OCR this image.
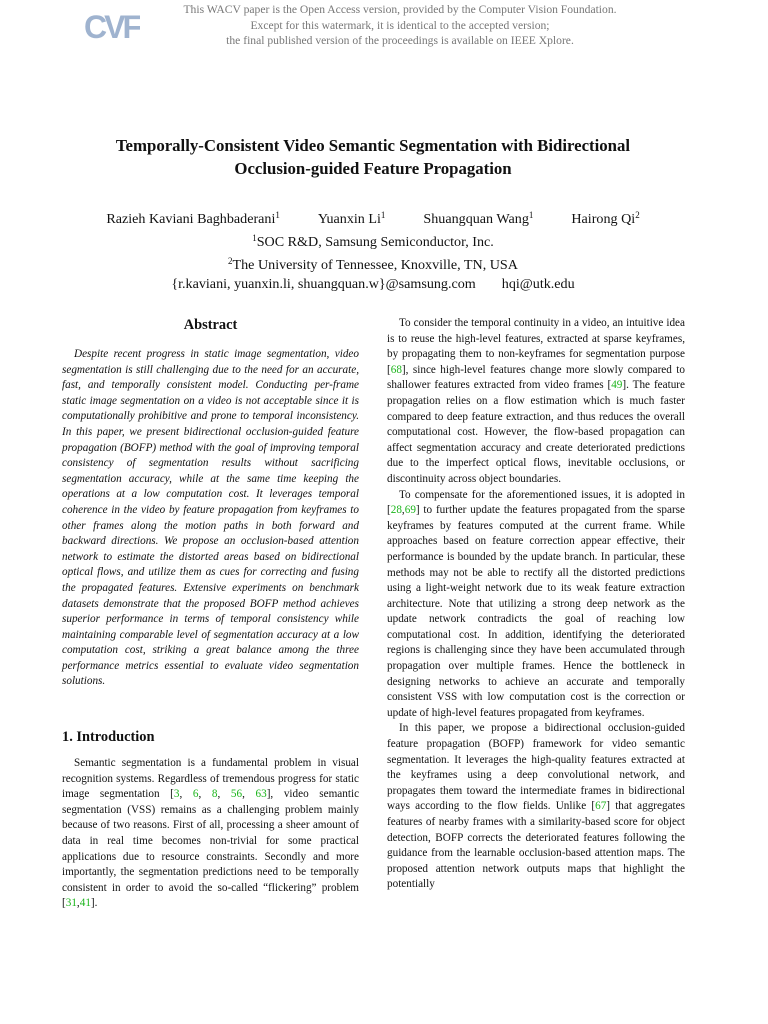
CVF	This WACV paper is the Open Access version, provided by the Computer Vision Foundation.
Except for this watermark, it is identical to the accepted version;
the final published version of the proceedings is available on IEEE Xplore.
Temporally-Consistent Video Semantic Segmentation with Bidirectional
Occlusion-guided Feature Propagation
Razieh Kaviani Baghbaderani$^1$	Yuanxin Li$^1$	Shuangquan Wang$^1$	Hairong Qi$^2$
$^1$SOC R&D, Samsung Semiconductor, Inc.
$^2$The University of Tennessee, Knoxville, TN, USA
{r.kaviani, yuanxin.li, shuangquan.w}@samsung.com hqi@utk.edu
Abstract

Despite recent progress in static image segmentation, video segmentation is still challenging due to the need for an accurate, fast, and temporally consistent model. Conducting per-frame static image segmentation on a video is not acceptable since it is computationally prohibitive and prone to temporal inconsistency. In this paper, we present bidirectional occlusion-guided feature propagation (BOFP) method with the goal of improving temporal consistency of segmentation results without sacrificing segmentation accuracy, while at the same time keeping the operations at a low computation cost. It leverages temporal coherence in the video by feature propagation from keyframes to other frames along the motion paths in both forward and backward directions. We propose an occlusion-based attention network to estimate the distorted areas based on bidirectional optical flows, and utilize them as cues for correcting and fusing the propagated features. Extensive experiments on benchmark datasets demonstrate that the proposed BOFP method achieves superior performance in terms of temporal consistency while maintaining comparable level of segmentation accuracy at a low computation cost, striking a great balance among the three performance metrics essential to evaluate video segmentation solutions.

1. Introduction

Semantic segmentation is a fundamental problem in visual recognition systems. Regardless of tremendous progress for static image segmentation [3, 6, 8, 56, 63], video semantic segmentation (VSS) remains as a challenging problem mainly because of two reasons. First of all, processing a sheer amount of data in real time becomes non-trivial for some practical applications due to resource constraints. Secondly and more importantly, the segmentation predictions need to be temporally consistent in order to avoid the so-called “flickering” problem [31,41].

To consider the temporal continuity in a video, an intuitive idea is to reuse the high-level features, extracted at sparse keyframes, by propagating them to non-keyframes for segmentation purpose [68], since high-level features change more slowly compared to shallower features extracted from video frames [49]. The feature propagation relies on a flow estimation which is much faster compared to deep feature extraction, and thus reduces the overall computational cost. However, the flow-based propagation can affect segmentation accuracy and create deteriorated predictions due to the imperfect optical flows, inevitable occlusions, or discontinuity across object boundaries.

To compensate for the aforementioned issues, it is adopted in [28,69] to further update the features propagated from the sparse keyframes by features computed at the current frame. While approaches based on feature correction appear effective, their performance is bounded by the update branch. In particular, these methods may not be able to rectify all the distorted predictions using a light-weight network due to its weak feature extraction architecture. Note that utilizing a strong deep network as the update network contradicts the goal of reaching low computational cost. In addition, identifying the deteriorated regions is challenging since they have been accumulated through propagation over multiple frames. Hence the bottleneck in designing networks to achieve an accurate and temporally consistent VSS with low computation cost is the correction or update of high-level features propagated from keyframes.

In this paper, we propose a bidirectional occlusion-guided feature propagation (BOFP) framework for video semantic segmentation. It leverages the high-quality features extracted at the keyframes using a deep convolutional network, and propagates them toward the intermediate frames in bidirectional ways according to the flow fields. Unlike [67] that aggregates features of nearby frames with a similarity-based score for object detection, BOFP corrects the deteriorated features following the guidance from the learnable occlusion-based attention maps. The proposed attention network outputs maps that highlight the potentially
